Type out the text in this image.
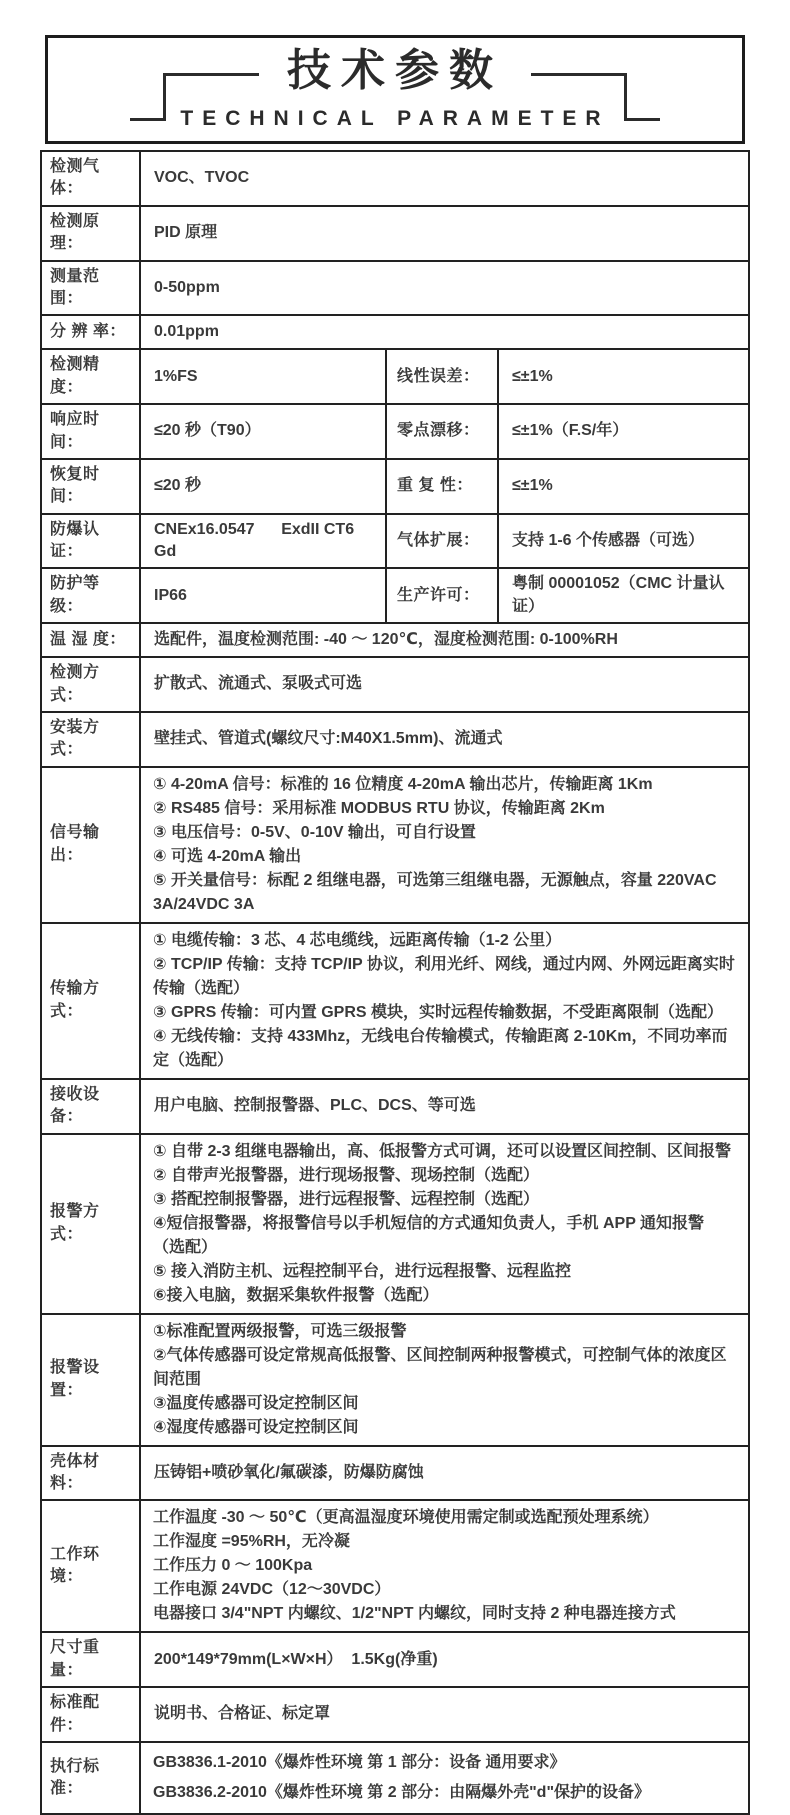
技术参数
TECHNICAL PARAMETER
检测气体：
VOC、TVOC
检测原理：
PID 原理
测量范围：
0-50ppm
分 辨 率：	0.01ppm
检测精度：
1%FS	线性误差：	≤±1%
响应时间：
≤20 秒（T90）	零点漂移：	≤±1%（F.S/年）
恢复时间：
≤20 秒	重 复 性：	≤±1%
防爆认证：
CNEx16.0547      ExdII CT6 Gd
气体扩展：	支持 1-6 个传感器（可选）
防护等级：
IP66	生产许可：
粤制 00001052（CMC 计量认证）
温 湿 度：	选配件，温度检测范围: -40 ～ 120℃，湿度检测范围: 0-100%RH
检测方式：
扩散式、流通式、泵吸式可选
安装方式：
壁挂式、管道式(螺纹尺寸:M40X1.5mm)、流通式
信号输出：
① 4-20mA 信号：标准的 16 位精度 4-20mA 输出芯片，传输距离 1Km
② RS485 信号：采用标准 MODBUS RTU 协议，传输距离 2Km
③ 电压信号：0-5V、0-10V 输出，可自行设置
④ 可选 4-20mA 输出
⑤ 开关量信号：标配 2 组继电器，可选第三组继电器，无源触点，容量 220VAC 3A/24VDC 3A
传输方式：
① 电缆传输：3 芯、4 芯电缆线，远距离传输（1-2 公里）
② TCP/IP 传输：支持 TCP/IP 协议，利用光纤、网线，通过内网、外网远距离实时传输（选配）
③ GPRS 传输：可内置 GPRS 模块，实时远程传输数据，不受距离限制（选配）
④ 无线传输：支持 433Mhz，无线电台传输模式，传输距离 2-10Km，不同功率而定（选配）
接收设备：
用户电脑、控制报警器、PLC、DCS、等可选
报警方式：
① 自带 2-3 组继电器输出，高、低报警方式可调，还可以设置区间控制、区间报警
② 自带声光报警器，进行现场报警、现场控制（选配）
③ 搭配控制报警器，进行远程报警、远程控制（选配）
④短信报警器，将报警信号以手机短信的方式通知负责人，手机 APP 通知报警（选配）
⑤ 接入消防主机、远程控制平台，进行远程报警、远程监控
⑥接入电脑，数据采集软件报警（选配）
报警设置：
①标准配置两级报警，可选三级报警
②气体传感器可设定常规高低报警、区间控制两种报警模式，可控制气体的浓度区间范围
③温度传感器可设定控制区间
④湿度传感器可设定控制区间
壳体材料：
压铸铝+喷砂氧化/氟碳漆，防爆防腐蚀
工作环境：
工作温度 -30 ～ 50℃（更高温湿度环境使用需定制或选配预处理系统）
工作湿度 =95%RH，无冷凝
工作压力 0 ～ 100Kpa
工作电源 24VDC（12～30VDC）
电器接口 3/4"NPT 内螺纹、1/2"NPT 内螺纹，同时支持 2 种电器连接方式
尺寸重量：
200*149*79mm(L×W×H）  1.5Kg(净重)
标准配件：
说明书、合格证、标定罩
执行标准：
GB3836.1-2010《爆炸性环境 第 1 部分：设备 通用要求》
GB3836.2-2010《爆炸性环境 第 2 部分：由隔爆外壳"d"保护的设备》
